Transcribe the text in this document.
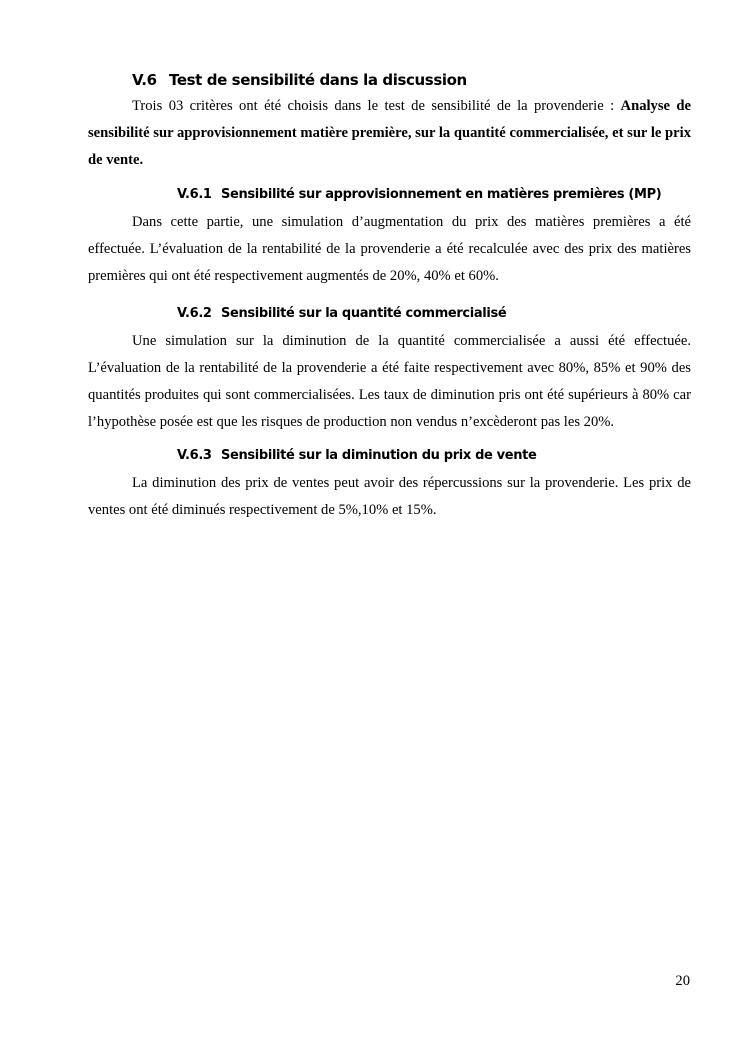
V.6 Test de sensibilité dans la discussion

Trois 03 critères ont été choisis dans le test de sensibilité de la provenderie : Analyse de sensibilité sur approvisionnement matière première, sur la quantité commercialisée, et sur le prix de vente.

V.6.1 Sensibilité sur approvisionnement en matières premières (MP)

Dans cette partie, une simulation d’augmentation du prix des matières premières a été effectuée. L’évaluation de la rentabilité de la provenderie a été recalculée avec des prix des matières premières qui ont été respectivement augmentés de 20%, 40% et 60%.

V.6.2 Sensibilité sur la quantité commercialisé

Une simulation sur la diminution de la quantité commercialisée a aussi été effectuée. L’évaluation de la rentabilité de la provenderie a été faite respectivement avec 80%, 85% et 90% des quantités produites qui sont commercialisées. Les taux de diminution pris ont été supérieurs à 80% car l’hypothèse posée est que les risques de production non vendus n’excèderont pas les 20%.

V.6.3 Sensibilité sur la diminution du prix de vente

La diminution des prix de ventes peut avoir des répercussions sur la provenderie. Les prix de ventes ont été diminués respectivement de 5%,10% et 15%.

20
